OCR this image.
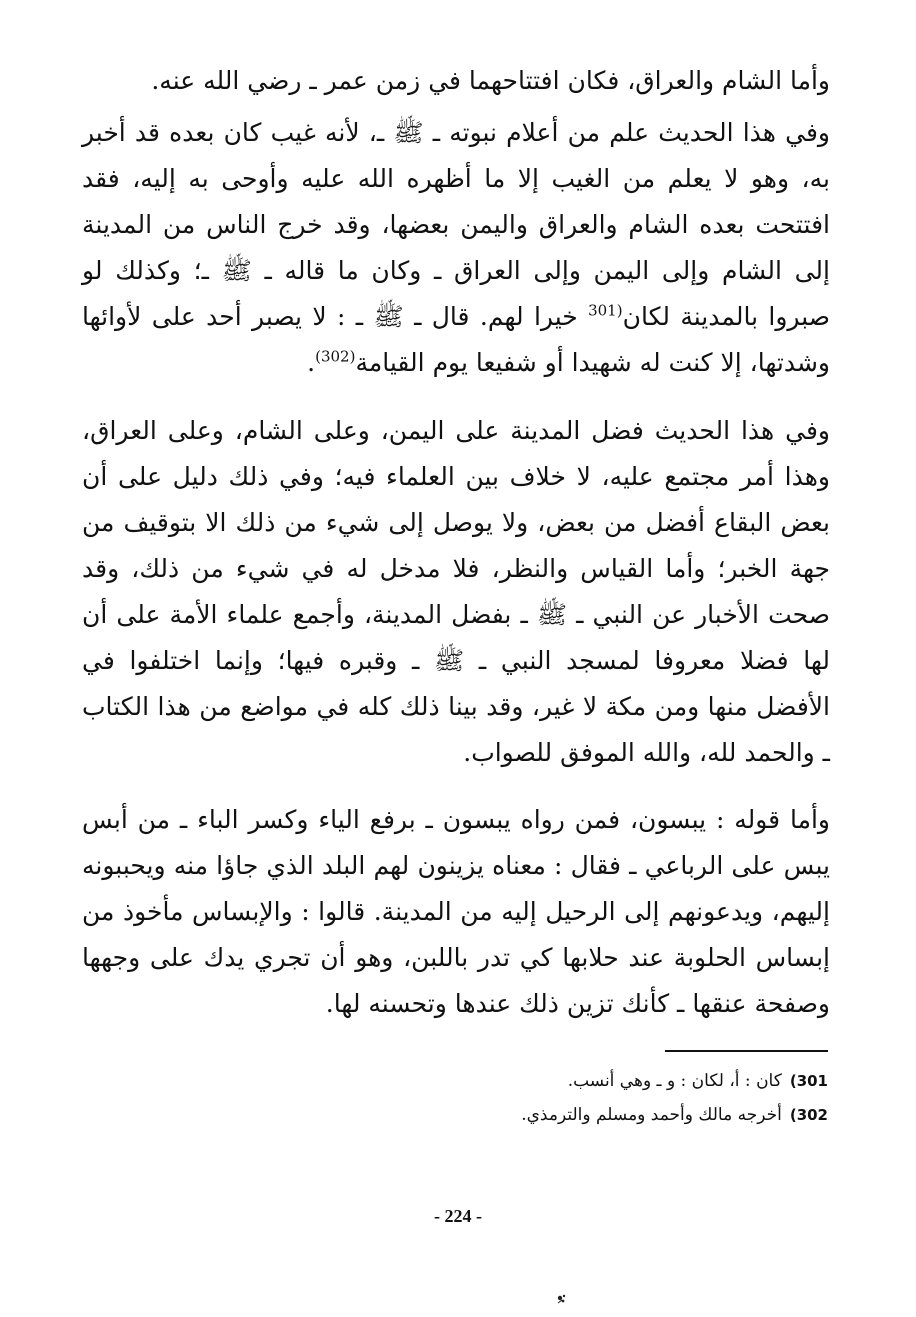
وأما الشام والعراق، فكان افتتاحهما في زمن عمر ـ رضي الله عنه.

وفي هذا الحديث علم من أعلام نبوته ـ ﷺ ـ، لأنه غيب كان بعده قد أخبر به، وهو لا يعلم من الغيب إلا ما أظهره الله عليه وأوحى به إليه، فقد افتتحت بعده الشام والعراق واليمن بعضها، وقد خرج الناس من المدينة إلى الشام وإلى اليمن وإلى العراق ـ وكان ما قاله ـ ﷺ ـ؛ وكذلك لو صبروا بالمدينة لكان$^{(301}$ خيرا لهم. قال ـ ﷺ ـ : لا يصبر أحد على لأوائها وشدتها، إلا كنت له شهيدا أو شفيعا يوم القيامة$^{(302)}$.

وفي هذا الحديث فضل المدينة على اليمن، وعلى الشام، وعلى العراق، وهذا أمر مجتمع عليه، لا خلاف بين العلماء فيه؛ وفي ذلك دليل على أن بعض البقاع أفضل من بعض، ولا يوصل إلى شيء من ذلك الا بتوقيف من جهة الخبر؛ وأما القياس والنظر، فلا مدخل له في شيء من ذلك، وقد صحت الأخبار عن النبي ـ ﷺ ـ بفضل المدينة، وأجمع علماء الأمة على أن لها فضلا معروفا لمسجد النبي ـ ﷺ ـ وقبره فيها؛ وإنما اختلفوا في الأفضل منها ومن مكة لا غير، وقد بينا ذلك كله في مواضع من هذا الكتاب ـ والحمد لله، والله الموفق للصواب.

وأما قوله : يبسون، فمن رواه يبسون ـ برفع الياء وكسر الباء ـ من أبس يبس على الرباعي ـ فقال : معناه يزينون لهم البلد الذي جاؤا منه ويحببونه إليهم، ويدعونهم إلى الرحيل إليه من المدينة. قالوا : والإبساس مأخوذ من إبساس الحلوبة عند حلابها كي تدر باللبن، وهو أن تجري يدك على وجهها وصفحة عنقها ـ كأنك تزين ذلك عندها وتحسنه لها.

301)كان : أ، لكان : و ـ وهي أنسب.
302)أخرجه مالك وأحمد ومسلم والترمذي.
- 224 -
